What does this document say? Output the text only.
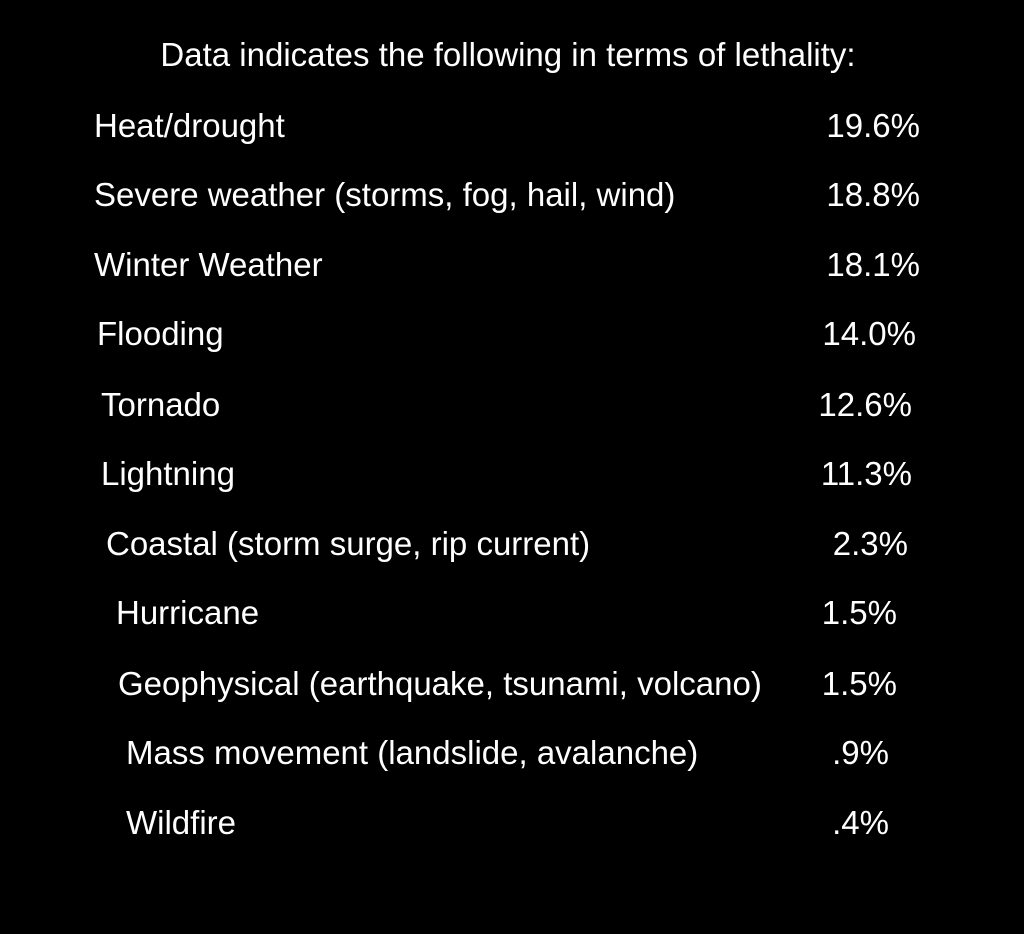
Data indicates the following in terms of lethality:
Heat/drought	19.6%
Severe weather (storms, fog, hail, wind)	18.8%
Winter Weather	18.1%
Flooding	14.0%
Tornado	12.6%
Lightning	11.3%
Coastal (storm surge, rip current)	2.3%
Hurricane	1.5%
Geophysical (earthquake, tsunami, volcano)	1.5%
Mass movement (landslide, avalanche)	.9%
Wildfire	.4%
